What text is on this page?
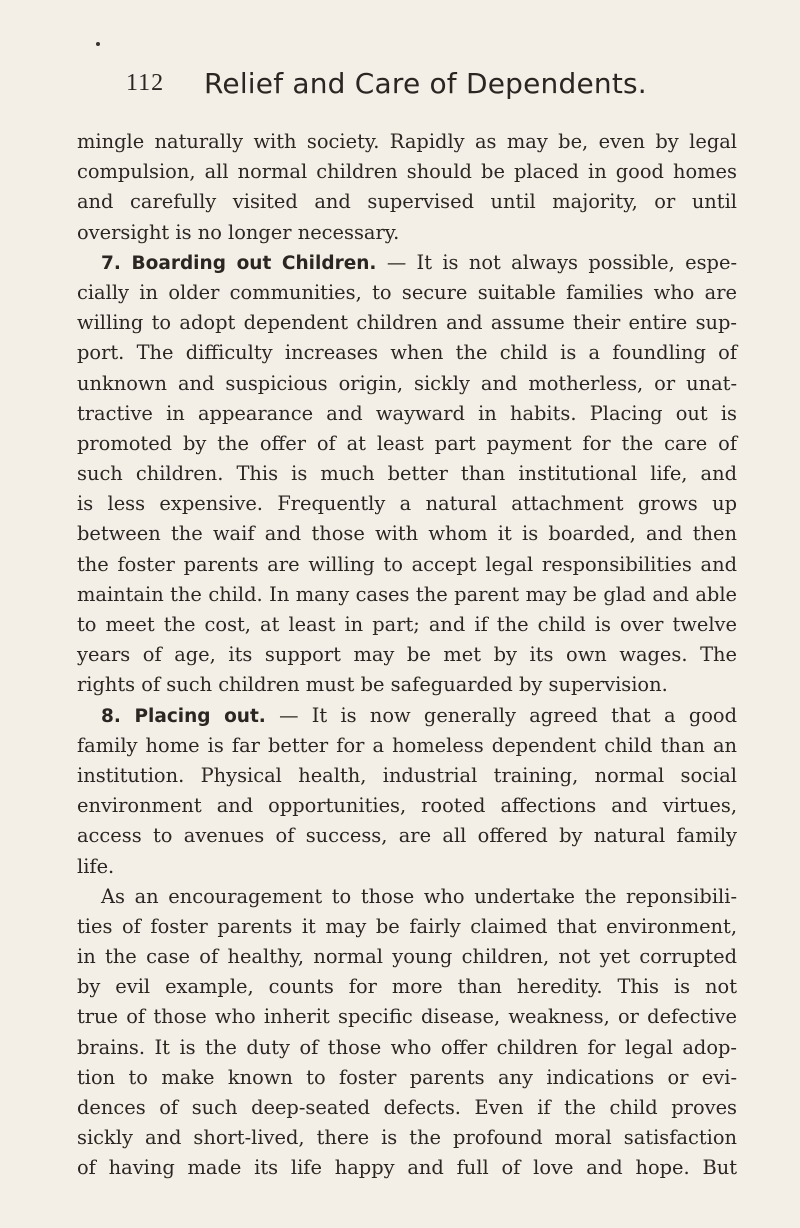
112 Relief and Care of Dependents.
mingle naturally with society. Rapidly as may be, even by legal
compulsion, all normal children should be placed in good homes
and carefully visited and supervised until majority, or until
oversight is no longer necessary.
7. Boarding out Children. — It is not always possible, espe-
cially in older communities, to secure suitable families who are
willing to adopt dependent children and assume their entire sup-
port. The difficulty increases when the child is a foundling of
unknown and suspicious origin, sickly and motherless, or unat-
tractive in appearance and wayward in habits. Placing out is
promoted by the offer of at least part payment for the care of
such children. This is much better than institutional life, and
is less expensive. Frequently a natural attachment grows up
between the waif and those with whom it is boarded, and then
the foster parents are willing to accept legal responsibilities and
maintain the child. In many cases the parent may be glad and able
to meet the cost, at least in part; and if the child is over twelve
years of age, its support may be met by its own wages. The
rights of such children must be safeguarded by supervision.
8. Placing out. — It is now generally agreed that a good
family home is far better for a homeless dependent child than an
institution. Physical health, industrial training, normal social
environment and opportunities, rooted affections and virtues,
access to avenues of success, are all offered by natural family
life.
As an encouragement to those who undertake the reponsibili-
ties of foster parents it may be fairly claimed that environment,
in the case of healthy, normal young children, not yet corrupted
by evil example, counts for more than heredity. This is not
true of those who inherit specific disease, weakness, or defective
brains. It is the duty of those who offer children for legal adop-
tion to make known to foster parents any indications or evi-
dences of such deep-seated defects. Even if the child proves
sickly and short-lived, there is the profound moral satisfaction
of having made its life happy and full of love and hope. But
